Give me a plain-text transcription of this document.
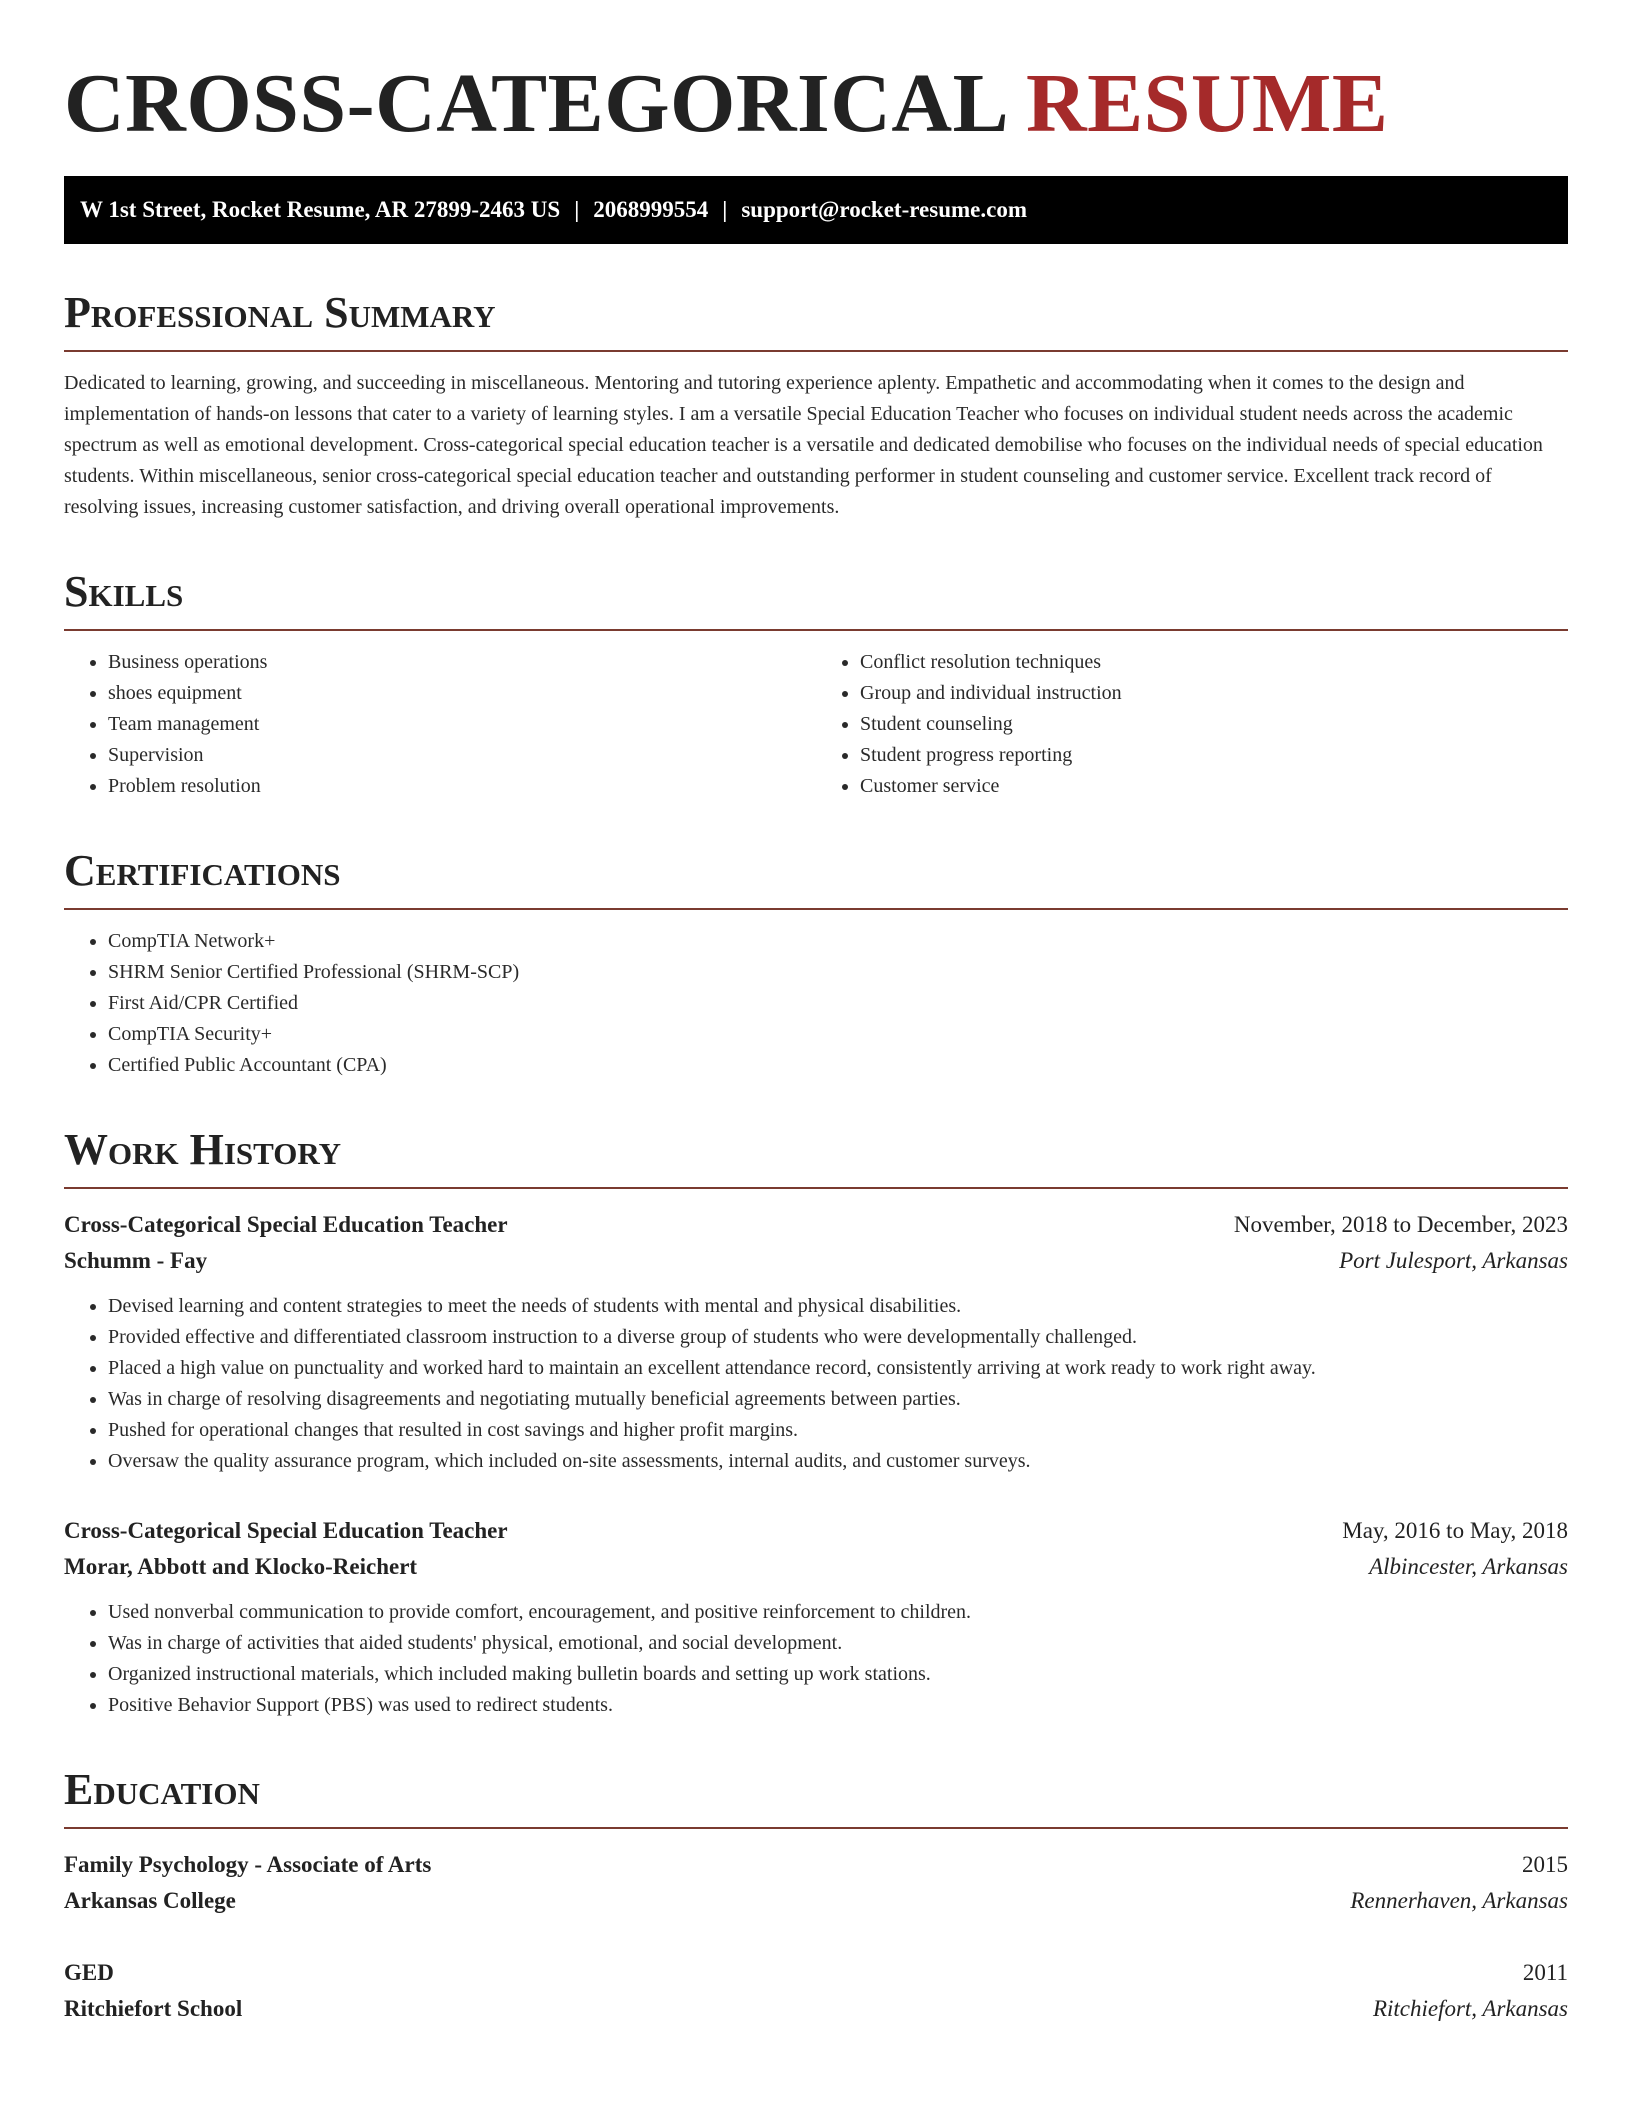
CROSS-CATEGORICAL RESUME
W 1st Street, Rocket Resume, AR 27899-2463 US | 2068999554 | support@rocket-resume.com
Professional Summary

Dedicated to learning, growing, and succeeding in miscellaneous. Mentoring and tutoring experience aplenty. Empathetic and accommodating when it comes to the design and implementation of hands-on lessons that cater to a variety of learning styles. I am a versatile Special Education Teacher who focuses on individual student needs across the academic spectrum as well as emotional development. Cross-categorical special education teacher is a versatile and dedicated demobilise who focuses on the individual needs of special education students. Within miscellaneous, senior cross-categorical special education teacher and outstanding performer in student counseling and customer service. Excellent track record of resolving issues, increasing customer satisfaction, and driving overall operational improvements.

Skills
• Business operations
• shoes equipment
• Team management
• Supervision
• Problem resolution
• Conflict resolution techniques
• Group and individual instruction
• Student counseling
• Student progress reporting
• Customer service
Certifications
• CompTIA Network+
• SHRM Senior Certified Professional (SHRM-SCP)
• First Aid/CPR Certified
• CompTIA Security+
• Certified Public Accountant (CPA)
Work History
Cross-Categorical Special Education Teacher	November, 2018 to December, 2023
Schumm - Fay	Port Julesport, Arkansas
• Devised learning and content strategies to meet the needs of students with mental and physical disabilities.
• Provided effective and differentiated classroom instruction to a diverse group of students who were developmentally challenged.
• Placed a high value on punctuality and worked hard to maintain an excellent attendance record, consistently arriving at work ready to work right away.
• Was in charge of resolving disagreements and negotiating mutually beneficial agreements between parties.
• Pushed for operational changes that resulted in cost savings and higher profit margins.
• Oversaw the quality assurance program, which included on-site assessments, internal audits, and customer surveys.
Cross-Categorical Special Education Teacher	May, 2016 to May, 2018
Morar, Abbott and Klocko-Reichert	Albincester, Arkansas
• Used nonverbal communication to provide comfort, encouragement, and positive reinforcement to children.
• Was in charge of activities that aided students' physical, emotional, and social development.
• Organized instructional materials, which included making bulletin boards and setting up work stations.
• Positive Behavior Support (PBS) was used to redirect students.
Education
Family Psychology - Associate of Arts	2015
Arkansas College	Rennerhaven, Arkansas
GED	2011
Ritchiefort School	Ritchiefort, Arkansas
